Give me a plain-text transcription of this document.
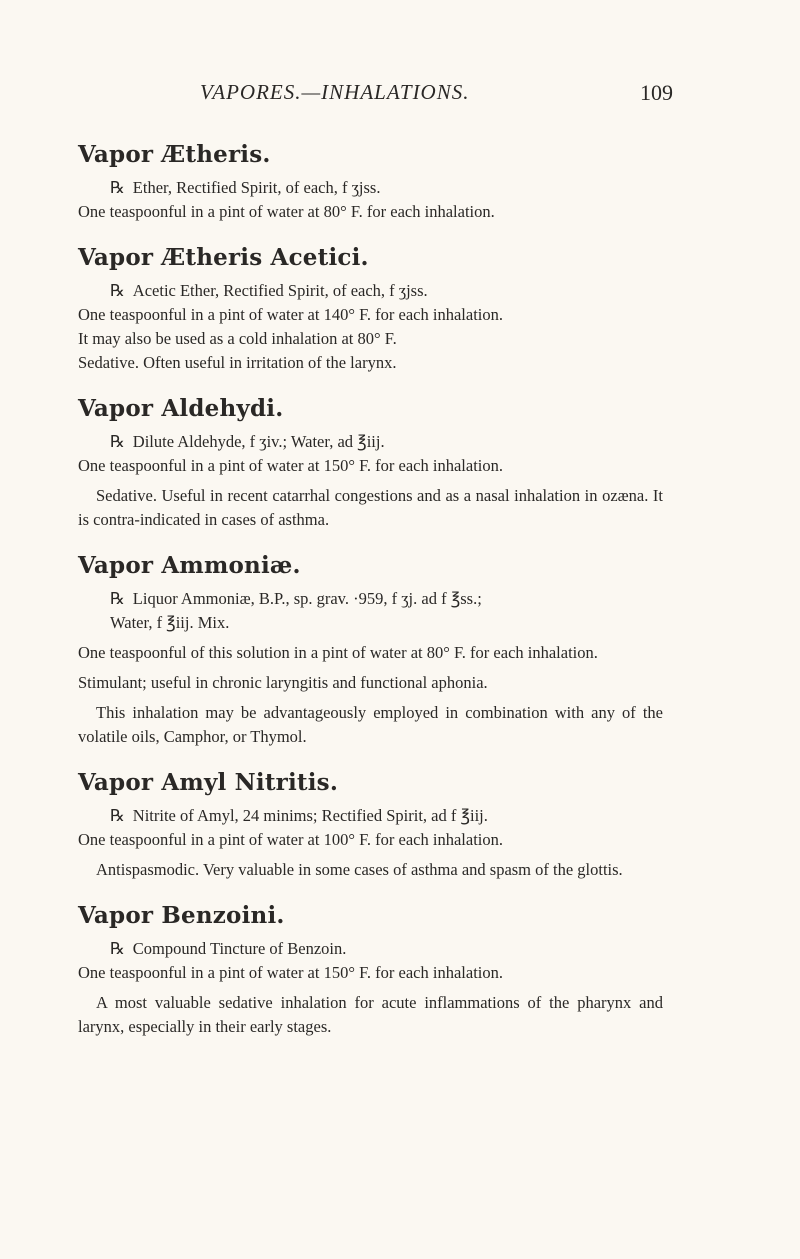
VAPORES.—INHALATIONS.	109
Vapor Ætheris.

℞ Ether, Rectified Spirit, of each, f ʒjss.

One teaspoonful in a pint of water at 80° F. for each inhalation.

Vapor Ætheris Acetici.

℞ Acetic Ether, Rectified Spirit, of each, f ʒjss.

One teaspoonful in a pint of water at 140° F. for each inhalation.

It may also be used as a cold inhalation at 80° F.

Sedative. Often useful in irritation of the larynx.

Vapor Aldehydi.

℞ Dilute Aldehyde, f ʒiv.; Water, ad ℥iij.

One teaspoonful in a pint of water at 150° F. for each inhalation.

Sedative. Useful in recent catarrhal congestions and as a nasal inhalation in ozæna. It is contra-indicated in cases of asthma.

Vapor Ammoniæ.

℞ Liquor Ammoniæ, B.P., sp. grav. ·959, f ʒj. ad f ℥ss.;

Water, f ℥iij. Mix.

One teaspoonful of this solution in a pint of water at 80° F. for each inhalation.

Stimulant; useful in chronic laryngitis and functional aphonia.

This inhalation may be advantageously employed in combination with any of the volatile oils, Camphor, or Thymol.

Vapor Amyl Nitritis.

℞ Nitrite of Amyl, 24 minims; Rectified Spirit, ad f ℥iij.

One teaspoonful in a pint of water at 100° F. for each inhalation.

Antispasmodic. Very valuable in some cases of asthma and spasm of the glottis.

Vapor Benzoini.

℞ Compound Tincture of Benzoin.

One teaspoonful in a pint of water at 150° F. for each inhalation.

A most valuable sedative inhalation for acute inflammations of the pharynx and larynx, especially in their early stages.
